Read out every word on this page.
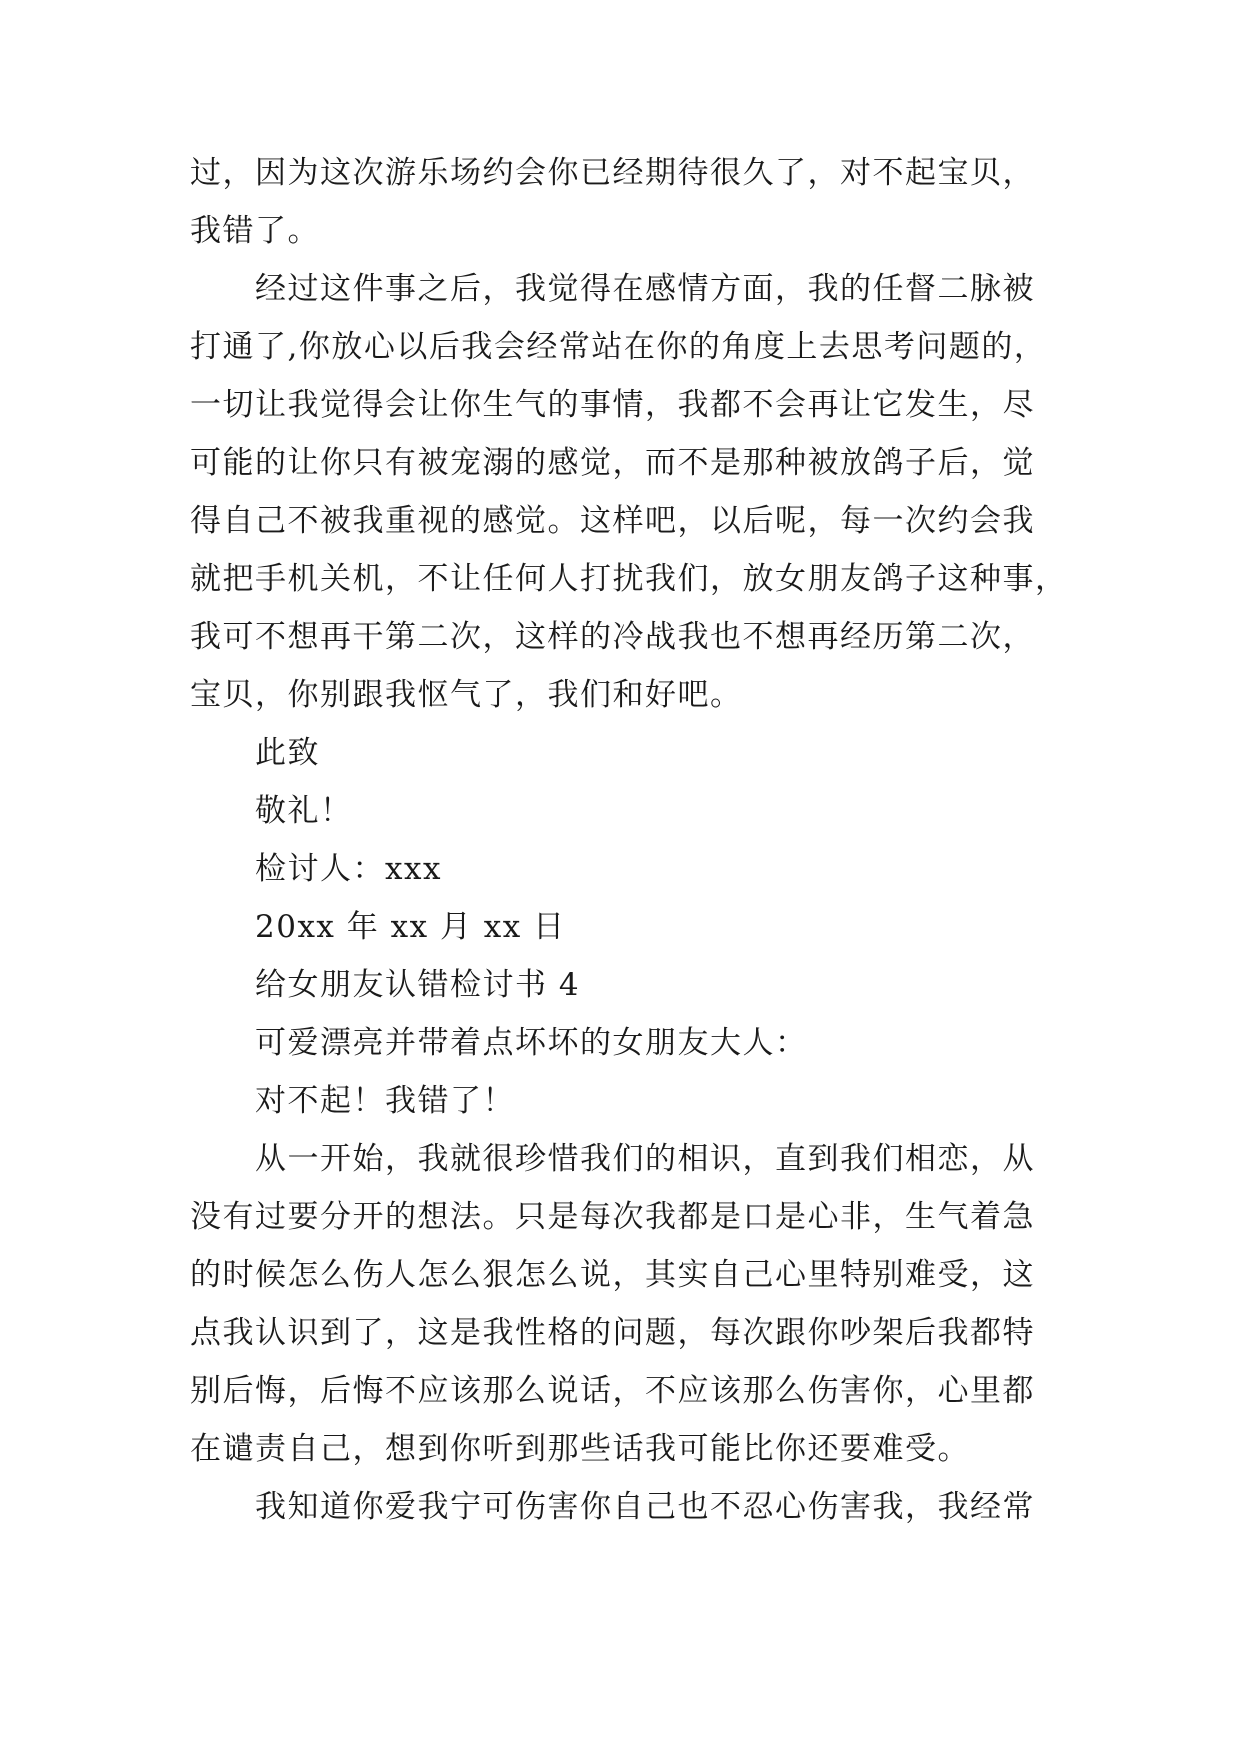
过，因为这次游乐场约会你已经期待很久了，对不起宝贝，
我错了。
经过这件事之后，我觉得在感情方面，我的任督二脉被
打通了,你放心以后我会经常站在你的角度上去思考问题的，
一切让我觉得会让你生气的事情，我都不会再让它发生，尽
可能的让你只有被宠溺的感觉，而不是那种被放鸽子后，觉
得自己不被我重视的感觉。这样吧，以后呢，每一次约会我
就把手机关机，不让任何人打扰我们，放女朋友鸽子这种事，
我可不想再干第二次，这样的冷战我也不想再经历第二次，
宝贝，你别跟我怄气了，我们和好吧。
此致
敬礼！
检讨人：xxx
20xx 年 xx 月 xx 日
给女朋友认错检讨书 4
可爱漂亮并带着点坏坏的女朋友大人：
对不起！我错了！
从一开始，我就很珍惜我们的相识，直到我们相恋，从
没有过要分开的想法。只是每次我都是口是心非，生气着急
的时候怎么伤人怎么狠怎么说，其实自己心里特别难受，这
点我认识到了，这是我性格的问题，每次跟你吵架后我都特
别后悔，后悔不应该那么说话，不应该那么伤害你，心里都
在谴责自己，想到你听到那些话我可能比你还要难受。
我知道你爱我宁可伤害你自己也不忍心伤害我，我经常
